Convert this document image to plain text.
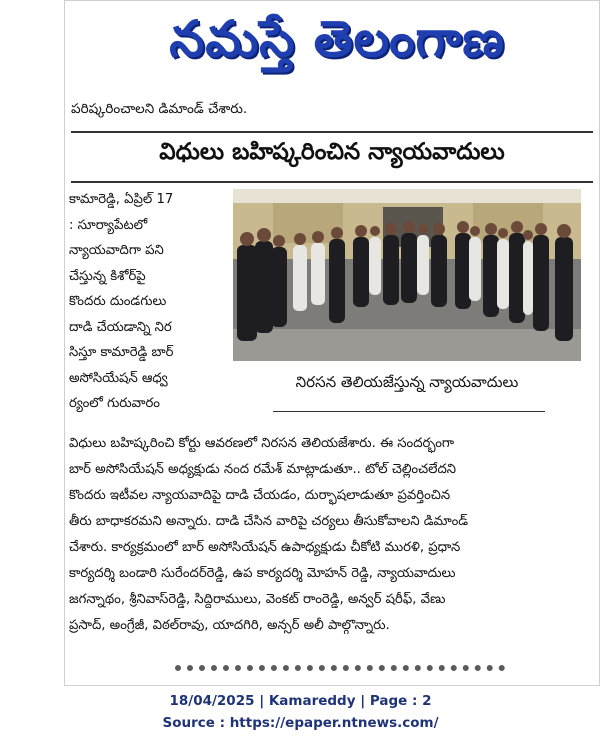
నమస్తే తెలంగాణ
పరిష్కరించాలని డిమాండ్ చేశారు.
విధులు బహిష్కరించిన న్యాయవాదులు
కామారెడ్డి, ఏప్రిల్ 17
: సూర్యాపేటలో
న్యాయవాదిగా పని
చేస్తున్న కిశోర్‌పై
కొందరు దుండగులు
దాడి చేయడాన్ని నిర
సిస్తూ కామారెడ్డి బార్
అసోసియేషన్ ఆధ్వ
ర్యంలో గురువారం
నిరసన తెలియజేస్తున్న న్యాయవాదులు
విధులు బహిష్కరించి కోర్టు ఆవరణలో నిరసన తెలియజేశారు. ఈ సందర్భంగా
బార్ అసోసియేషన్ అధ్యక్షుడు నంద రమేశ్ మాట్లాడుతూ.. టోల్ చెల్లించలేదని
కొందరు ఇటీవల న్యాయవాదిపై దాడి చేయడం, దుర్భాషలాడుతూ ప్రవర్తించిన
తీరు బాధాకరమని అన్నారు. దాడి చేసిన వారిపై చర్యలు తీసుకోవాలని డిమాండ్
చేశారు. కార్యక్రమంలో బార్ అసోసియేషన్ ఉపాధ్యక్షుడు చీకోటి మురళి, ప్రధాన
కార్యదర్శి బండారి సురేందర్‌రెడ్డి, ఉప కార్యదర్శి మోహన్ రెడ్డి, న్యాయవాదులు
జగన్నాథం, శ్రీనివాస్‌రెడ్డి, సిద్దిరాములు, వెంకట్ రాంరెడ్డి, అన్వర్ షరీఫ్, వేణు
ప్రసాద్, అంగ్రేజీ, విఠల్‌రావు, యాదగిరి, అన్సర్ అలీ పాల్గొన్నారు.
18/04/2025 | Kamareddy | Page : 2
Source : https://epaper.ntnews.com/
